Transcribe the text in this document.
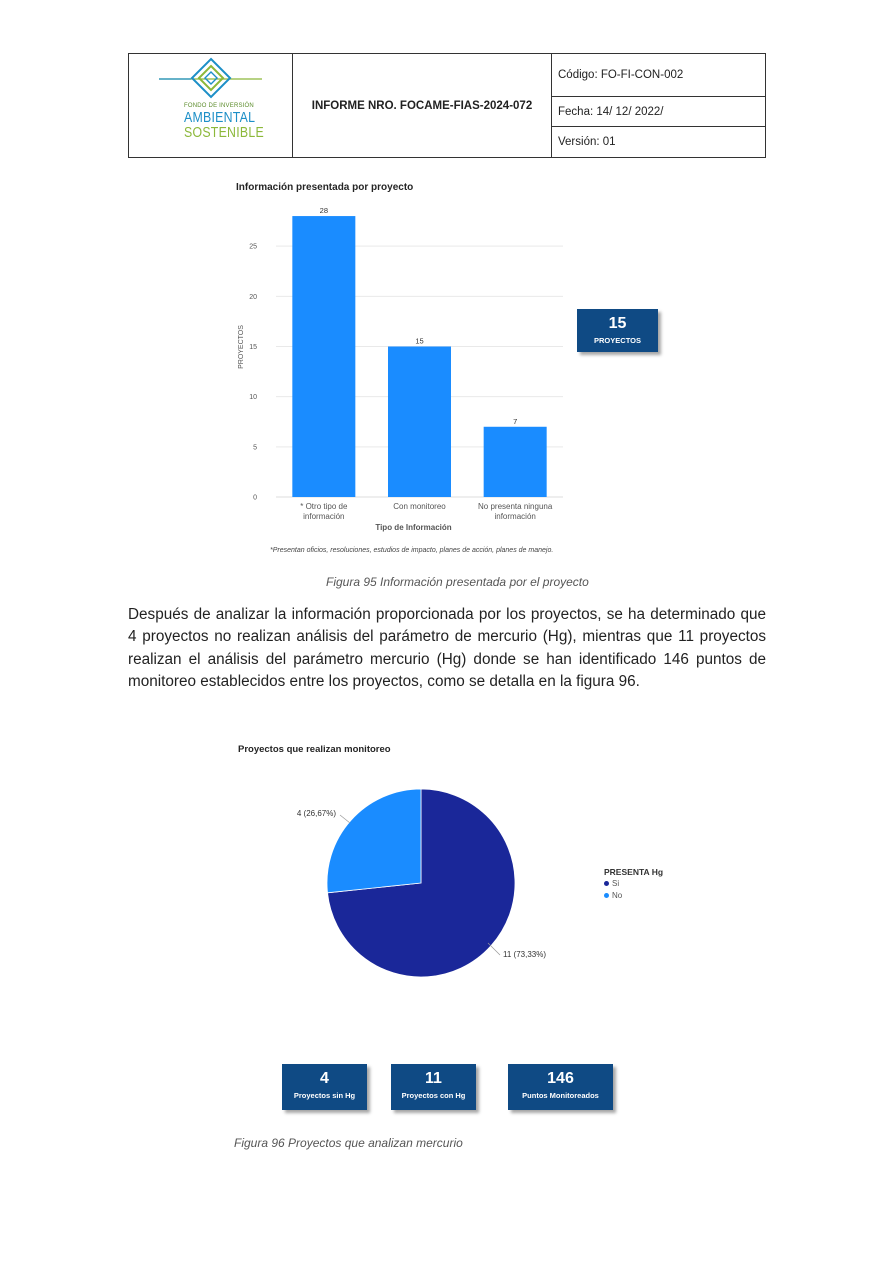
FONDO DE INVERSIÓN
AMBIENTAL
SOSTENIBLE
	INFORME NRO. FOCAME-FIAS-2024-072	Código: FO-FI-CON-002
Fecha: 14/ 12/ 2022/
Versión: 01
Información presentada por proyecto
0
5
10
15
20
25
PROYECTOS
28
* Otro tipo de
información
15
Con monitoreo
7
No presenta ninguna
información
Tipo de Información
15
PROYECTOS
*Presentan oficios, resoluciones, estudios de impacto, planes de acción, planes de manejo.
Figura 95 Información presentada por el proyecto
Después de analizar la información proporcionada por los proyectos, se ha determinado que 4 proyectos no realizan análisis del parámetro de mercurio (Hg), mientras que 11 proyectos realizan el análisis del parámetro mercurio (Hg) donde se han identificado 146 puntos de monitoreo establecidos entre los proyectos, como se detalla en la figura 96.
Proyectos que realizan monitoreo
11 (73,33%)
4 (26,67%)
PRESENTA Hg
Si
No
4
Proyectos sin Hg
11
Proyectos con Hg
146
Puntos Monitoreados
Figura 96 Proyectos que analizan mercurio
